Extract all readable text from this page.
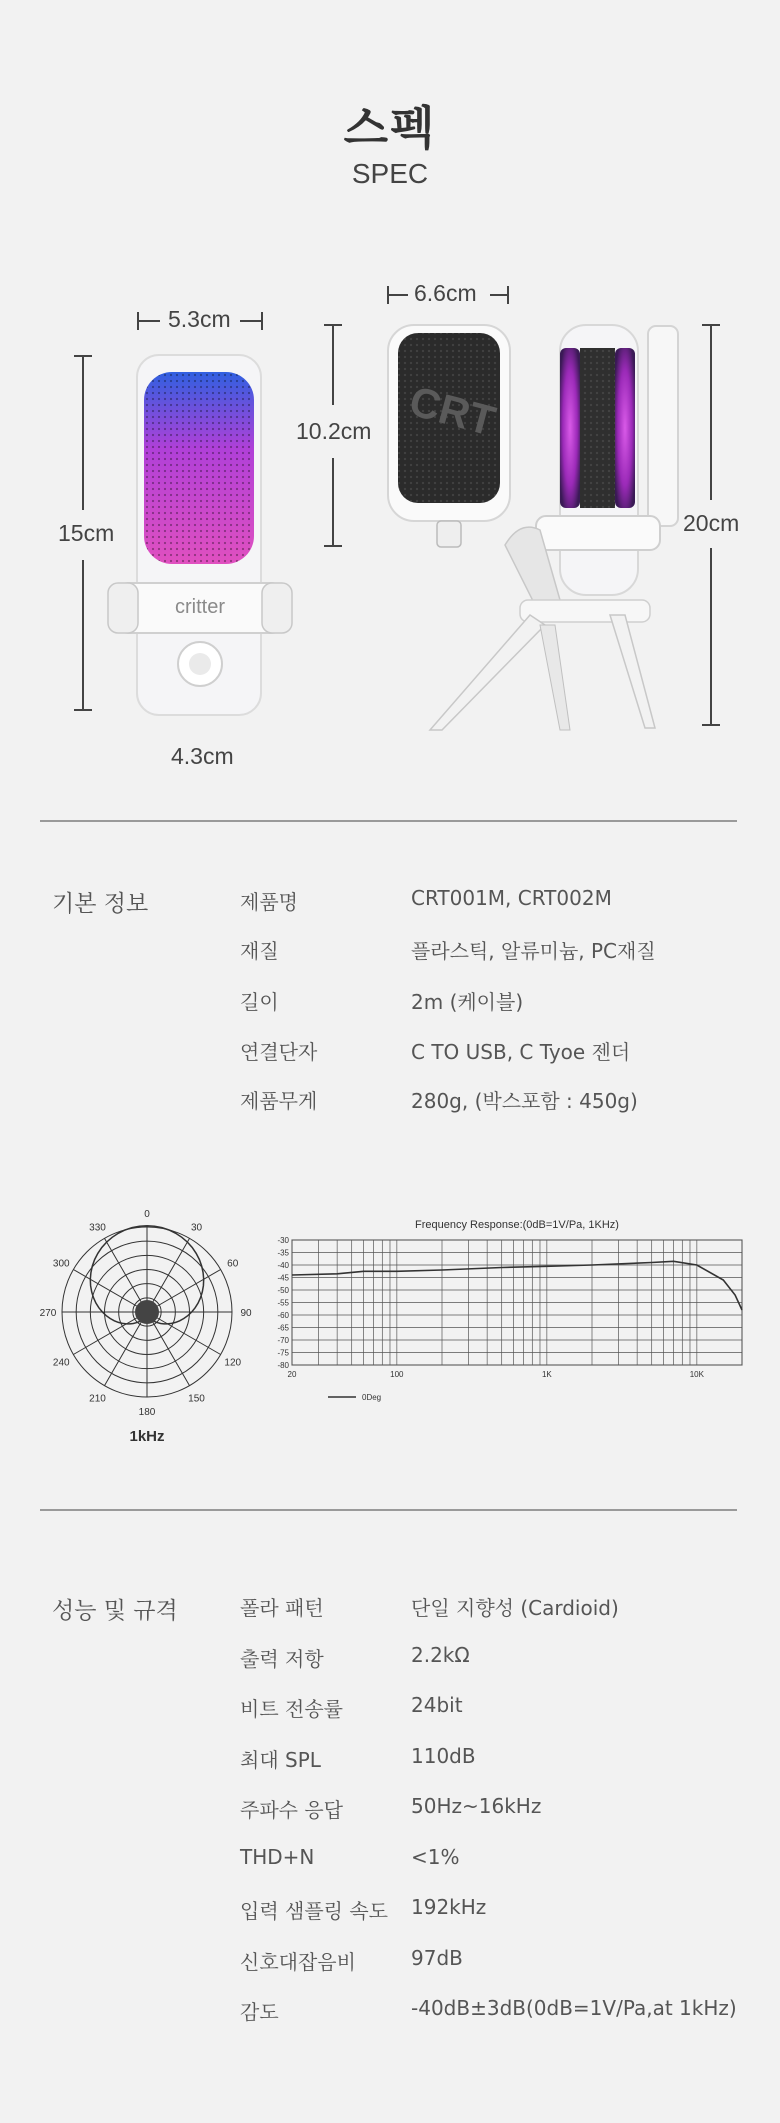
스펙
SPEC
CRT
critter
5.3cm
15cm
4.3cm
6.6cm
10.2cm
20cm
기본 정보	제품명	CRT001M, CRT002M
재질	플라스틱, 알류미늄, PC재질
길이	2m (케이블)
연결단자	C TO USB, C Tyoe 젠더
제품무게	280g, (박스포함 : 450g)
0
30
60
90
120
150
180
210
240
270
300
330
1kHz
Frequency Response:(0dB=1V/Pa, 1KHz)
-30
-35
-40
-45
-50
-55
-60
-65
-70
-75
-80
20	100	1K	10K
0Deg
성능 및 규격	폴라 패턴	단일 지향성 (Cardioid)
출력 저항	2.2kΩ
비트 전송률	24bit
최대 SPL	110dB
주파수 응답	50Hz~16kHz
THD+N	<1%
입력 샘플링 속도 192kHz
신호대잡음비	97dB
감도	-40dB±3dB(0dB=1V/Pa,at 1kHz)
